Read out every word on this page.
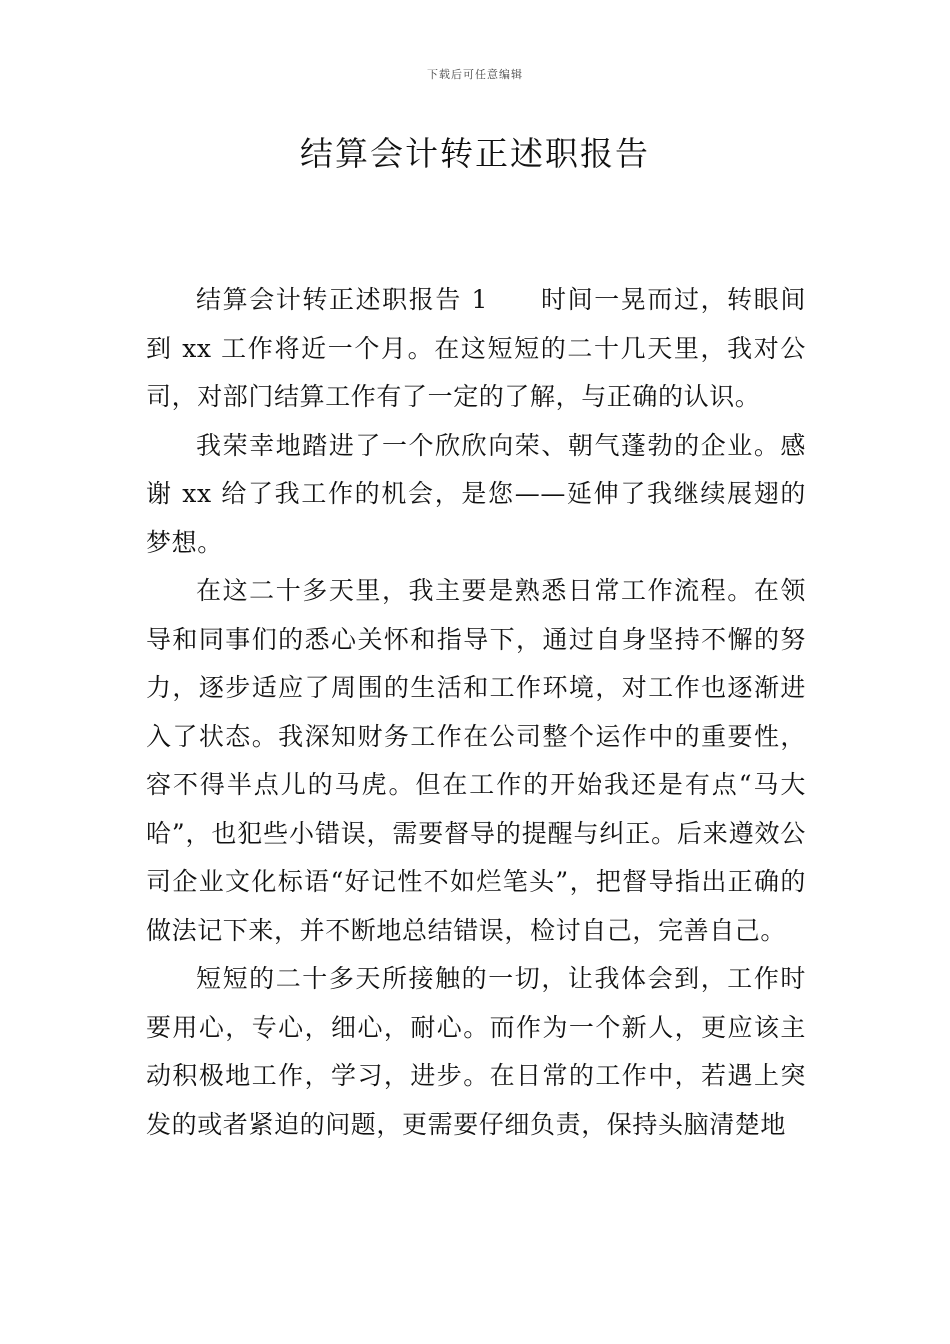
下载后可任意编辑
结算会计转正述职报告

结算会计转正述职报告 1 时间一晃而过，转眼间到 xx 工作将近一个月。在这短短的二十几天里，我对公司，对部门结算工作有了一定的了解，与正确的认识。

我荣幸地踏进了一个欣欣向荣、朝气蓬勃的企业。感谢 xx 给了我工作的机会，是您——延伸了我继续展翅的梦想。

在这二十多天里，我主要是熟悉日常工作流程。在领导和同事们的悉心关怀和指导下，通过自身坚持不懈的努力，逐步适应了周围的生活和工作环境，对工作也逐渐进入了状态。我深知财务工作在公司整个运作中的重要性，容不得半点儿的马虎。但在工作的开始我还是有点“马大哈”，也犯些小错误，需要督导的提醒与纠正。后来遵效公司企业文化标语“好记性不如烂笔头”，把督导指出正确的做法记下来，并不断地总结错误，检讨自己，完善自己。

短短的二十多天所接触的一切，让我体会到，工作时要用心，专心，细心，耐心。而作为一个新人，更应该主动积极地工作，学习，进步。在日常的工作中，若遇上突发的或者紧迫的问题，更需要仔细负责，保持头脑清楚地
